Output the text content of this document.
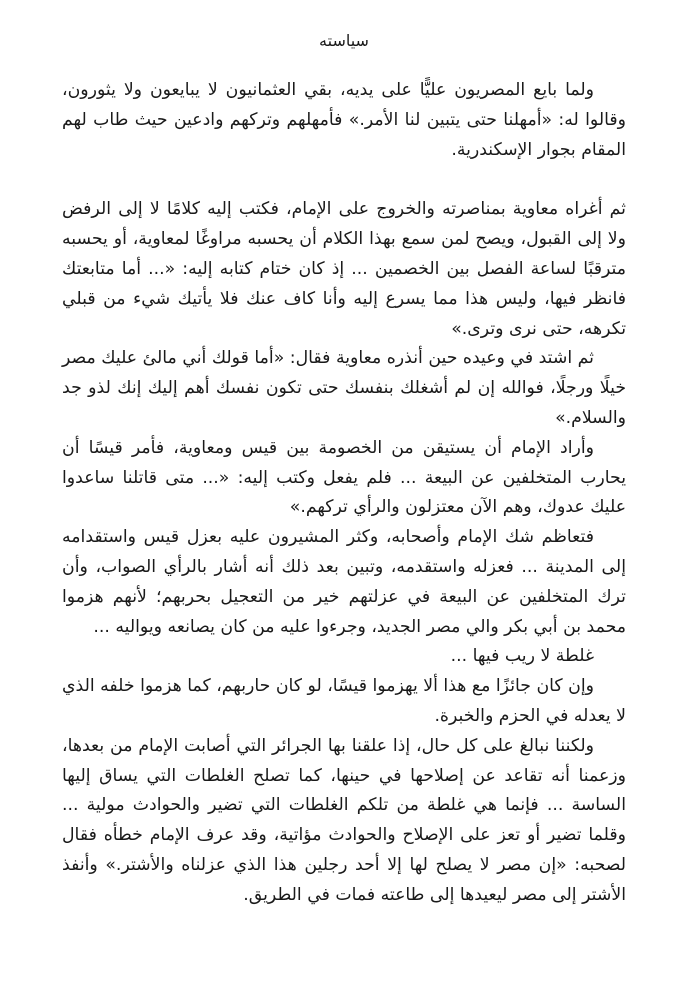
سياسته

ولما بايع المصريون عليًّا على يديه، بقي العثمانيون لا يبايعون ولا يثورون، وقالوا له: «أمهلنا حتى يتبين لنا الأمر.» فأمهلهم وتركهم وادعين حيث طاب لهم المقام بجوار الإسكندرية.

ثم أغراه معاوية بمناصرته والخروج على الإمام، فكتب إليه كلامًا لا إلى الرفض ولا إلى القبول، ويصح لمن سمع بهذا الكلام أن يحسبه مراوغًا لمعاوية، أو يحسبه مترقبًا لساعة الفصل بين الخصمين ... إذ كان ختام كتابه إليه: «... أما متابعتك فانظر فيها، وليس هذا مما يسرع إليه وأنا كاف عنك فلا يأتيك شيء من قبلي تكرهه، حتى نرى وترى.»

ثم اشتد في وعيده حين أنذره معاوية فقال: «أما قولك أني مالئ عليك مصر خيلًا ورجلًا، فوالله إن لم أشغلك بنفسك حتى تكون نفسك أهم إليك إنك لذو جد والسلام.»

وأراد الإمام أن يستيقن من الخصومة بين قيس ومعاوية، فأمر قيسًا أن يحارب المتخلفين عن البيعة ... فلم يفعل وكتب إليه: «... متى قاتلنا ساعدوا عليك عدوك، وهم الآن معتزلون والرأي تركهم.»

فتعاظم شك الإمام وأصحابه، وكثر المشيرون عليه بعزل قيس واستقدامه إلى المدينة ... فعزله واستقدمه، وتبين بعد ذلك أنه أشار بالرأي الصواب، وأن ترك المتخلفين عن البيعة في عزلتهم خير من التعجيل بحربهم؛ لأنهم هزموا محمد بن أبي بكر والي مصر الجديد، وجرءوا عليه من كان يصانعه ويواليه ...

غلطة لا ريب فيها ...

وإن كان جائزًا مع هذا ألا يهزموا قيسًا، لو كان حاربهم، كما هزموا خلفه الذي لا يعدله في الحزم والخبرة.

ولكننا نبالغ على كل حال، إذا علقنا بها الجرائر التي أصابت الإمام من بعدها، وزعمنا أنه تقاعد عن إصلاحها في حينها، كما تصلح الغلطات التي يساق إليها الساسة ... فإنما هي غلطة من تلكم الغلطات التي تضير والحوادث مولية ... وقلما تضير أو تعز على الإصلاح والحوادث مؤاتية، وقد عرف الإمام خطأه فقال لصحبه: «إن مصر لا يصلح لها إلا أحد رجلين هذا الذي عزلناه والأشتر.» وأنفذ الأشتر إلى مصر ليعيدها إلى طاعته فمات في الطريق.
